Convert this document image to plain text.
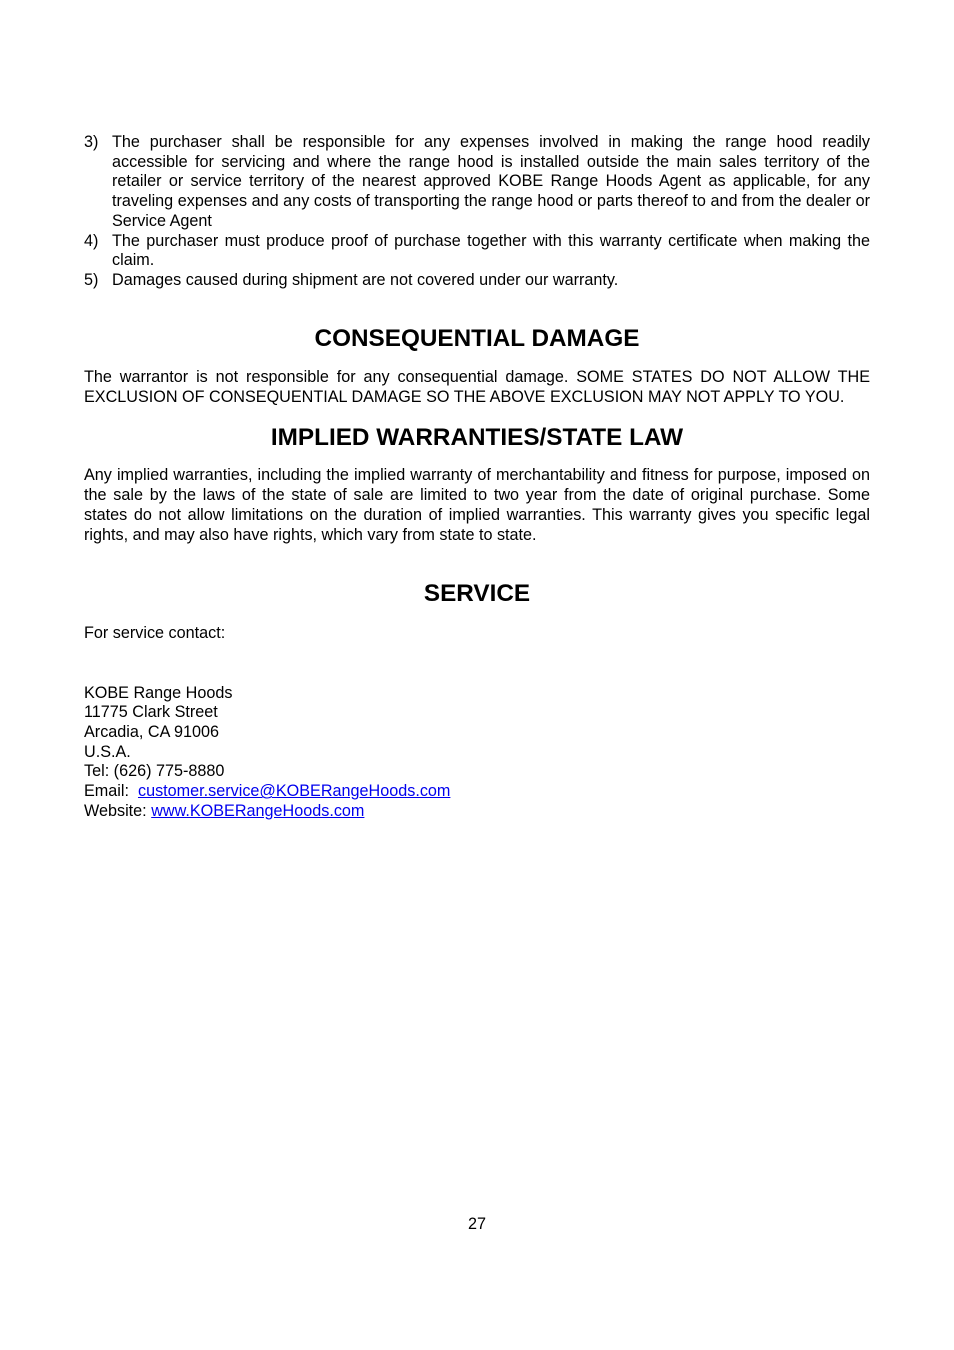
3) The purchaser shall be responsible for any expenses involved in making the range hood readily accessible for servicing and where the range hood is installed outside the main sales territory of the retailer or service territory of the nearest approved KOBE Range Hoods Agent as applicable, for any traveling expenses and any costs of transporting the range hood or parts thereof to and from the dealer or Service Agent
4) The purchaser must produce proof of purchase together with this warranty certificate when making the claim.
5) Damages caused during shipment are not covered under our warranty.
CONSEQUENTIAL DAMAGE

The warrantor is not responsible for any consequential damage. SOME STATES DO NOT ALLOW THE EXCLUSION OF CONSEQUENTIAL DAMAGE SO THE ABOVE EXCLUSION MAY NOT APPLY TO YOU.

IMPLIED WARRANTIES/STATE LAW

Any implied warranties, including the implied warranty of merchantability and fitness for purpose, imposed on the sale by the laws of the state of sale are limited to two year from the date of original purchase. Some states do not allow limitations on the duration of implied warranties. This warranty gives you specific legal rights, and may also have rights, which vary from state to state.

SERVICE

For service contact:

KOBE Range Hoods
11775 Clark Street
Arcadia, CA 91006
U.S.A.
Tel: (626) 775-8880
Email: customer.service@KOBERangeHoods.com
Website: www.KOBERangeHoods.com
27
